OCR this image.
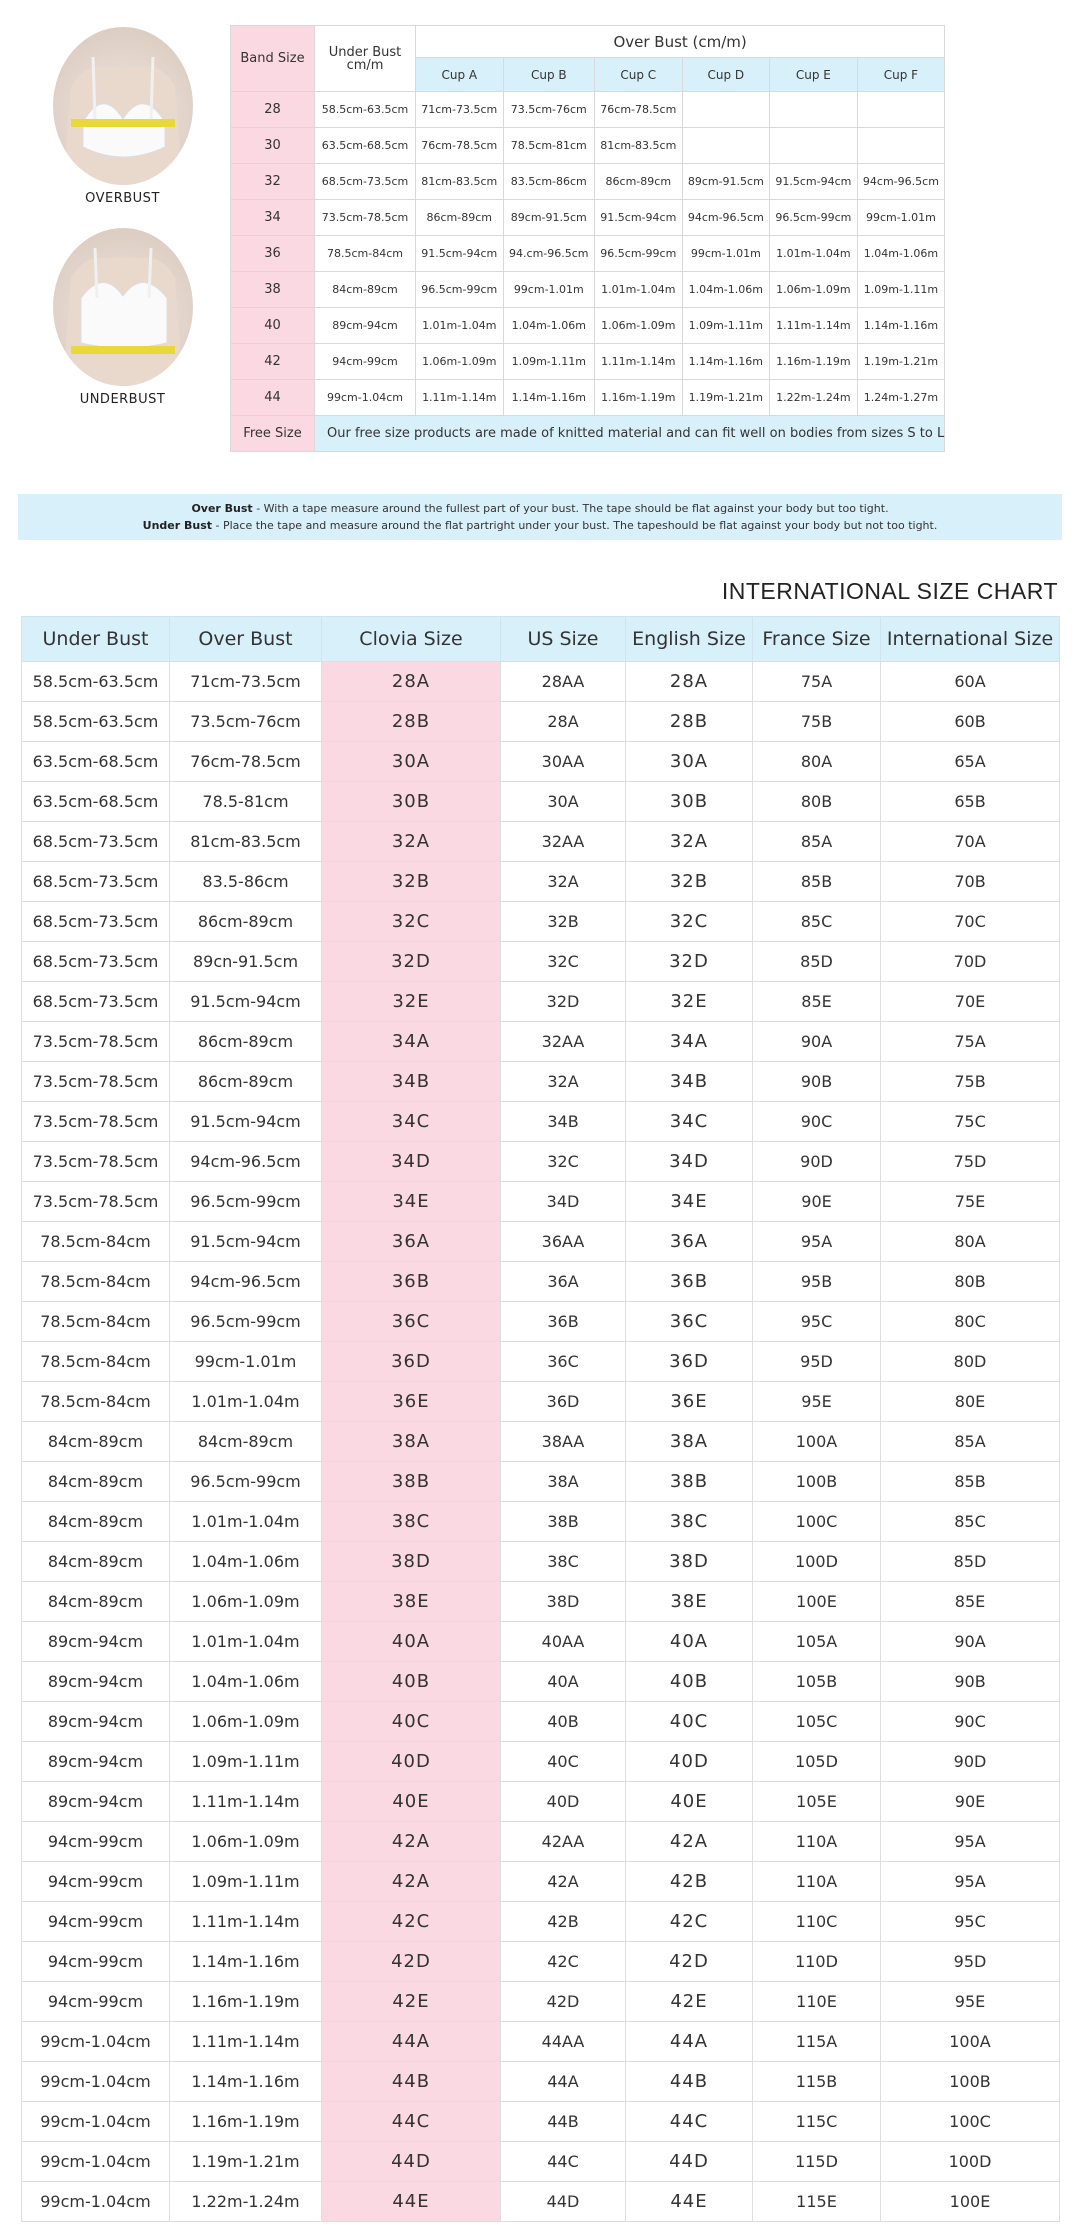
OVERBUST
UNDERBUST
Band Size	Under Bust cm/m	Over Bust (cm/m)					
		Cup A	Cup B	Cup C	Cup D	Cup E	Cup F
28	58.5cm-63.5cm	71cm-73.5cm	73.5cm-76cm	76cm-78.5cm			
30	63.5cm-68.5cm	76cm-78.5cm	78.5cm-81cm	81cm-83.5cm			
32	68.5cm-73.5cm	81cm-83.5cm	83.5cm-86cm	86cm-89cm	89cm-91.5cm	91.5cm-94cm	94cm-96.5cm
34	73.5cm-78.5cm	86cm-89cm	89cm-91.5cm	91.5cm-94cm	94cm-96.5cm	96.5cm-99cm	99cm-1.01m
36	78.5cm-84cm	91.5cm-94cm	94.cm-96.5cm	96.5cm-99cm	99cm-1.01m	1.01m-1.04m	1.04m-1.06m
38	84cm-89cm	96.5cm-99cm	99cm-1.01m	1.01m-1.04m	1.04m-1.06m	1.06m-1.09m	1.09m-1.11m
40	89cm-94cm	1.01m-1.04m	1.04m-1.06m	1.06m-1.09m	1.09m-1.11m	1.11m-1.14m	1.14m-1.16m
42	94cm-99cm	1.06m-1.09m	1.09m-1.11m	1.11m-1.14m	1.14m-1.16m	1.16m-1.19m	1.19m-1.21m
44	99cm-1.04cm	1.11m-1.14m	1.14m-1.16m	1.16m-1.19m	1.19m-1.21m	1.22m-1.24m	1.24m-1.27m
Free Size	Our free size products are made of knitted material and can fit well on bodies from sizes S to L						
Over Bust - With a tape measure around the fullest part of your bust. The tape should be flat against your body but too tight.
Under Bust - Place the tape and measure around the flat partright under your bust. The tapeshould be flat against your body but not too tight.
INTERNATIONAL SIZE CHART
Under Bust	Over Bust	Clovia Size	US Size	English Size	France Size	International Size
58.5cm-63.5cm	71cm-73.5cm	28A	28AA	28A	75A	60A
58.5cm-63.5cm	73.5cm-76cm	28B	28A	28B	75B	60B
63.5cm-68.5cm	76cm-78.5cm	30A	30AA	30A	80A	65A
63.5cm-68.5cm	78.5-81cm	30B	30A	30B	80B	65B
68.5cm-73.5cm	81cm-83.5cm	32A	32AA	32A	85A	70A
68.5cm-73.5cm	83.5-86cm	32B	32A	32B	85B	70B
68.5cm-73.5cm	86cm-89cm	32C	32B	32C	85C	70C
68.5cm-73.5cm	89cn-91.5cm	32D	32C	32D	85D	70D
68.5cm-73.5cm	91.5cm-94cm	32E	32D	32E	85E	70E
73.5cm-78.5cm	86cm-89cm	34A	32AA	34A	90A	75A
73.5cm-78.5cm	86cm-89cm	34B	32A	34B	90B	75B
73.5cm-78.5cm	91.5cm-94cm	34C	34B	34C	90C	75C
73.5cm-78.5cm	94cm-96.5cm	34D	32C	34D	90D	75D
73.5cm-78.5cm	96.5cm-99cm	34E	34D	34E	90E	75E
78.5cm-84cm	91.5cm-94cm	36A	36AA	36A	95A	80A
78.5cm-84cm	94cm-96.5cm	36B	36A	36B	95B	80B
78.5cm-84cm	96.5cm-99cm	36C	36B	36C	95C	80C
78.5cm-84cm	99cm-1.01m	36D	36C	36D	95D	80D
78.5cm-84cm	1.01m-1.04m	36E	36D	36E	95E	80E
84cm-89cm	84cm-89cm	38A	38AA	38A	100A	85A
84cm-89cm	96.5cm-99cm	38B	38A	38B	100B	85B
84cm-89cm	1.01m-1.04m	38C	38B	38C	100C	85C
84cm-89cm	1.04m-1.06m	38D	38C	38D	100D	85D
84cm-89cm	1.06m-1.09m	38E	38D	38E	100E	85E
89cm-94cm	1.01m-1.04m	40A	40AA	40A	105A	90A
89cm-94cm	1.04m-1.06m	40B	40A	40B	105B	90B
89cm-94cm	1.06m-1.09m	40C	40B	40C	105C	90C
89cm-94cm	1.09m-1.11m	40D	40C	40D	105D	90D
89cm-94cm	1.11m-1.14m	40E	40D	40E	105E	90E
94cm-99cm	1.06m-1.09m	42A	42AA	42A	110A	95A
94cm-99cm	1.09m-1.11m	42A	42A	42B	110A	95A
94cm-99cm	1.11m-1.14m	42C	42B	42C	110C	95C
94cm-99cm	1.14m-1.16m	42D	42C	42D	110D	95D
94cm-99cm	1.16m-1.19m	42E	42D	42E	110E	95E
99cm-1.04cm	1.11m-1.14m	44A	44AA	44A	115A	100A
99cm-1.04cm	1.14m-1.16m	44B	44A	44B	115B	100B
99cm-1.04cm	1.16m-1.19m	44C	44B	44C	115C	100C
99cm-1.04cm	1.19m-1.21m	44D	44C	44D	115D	100D
99cm-1.04cm	1.22m-1.24m	44E	44D	44E	115E	100E
